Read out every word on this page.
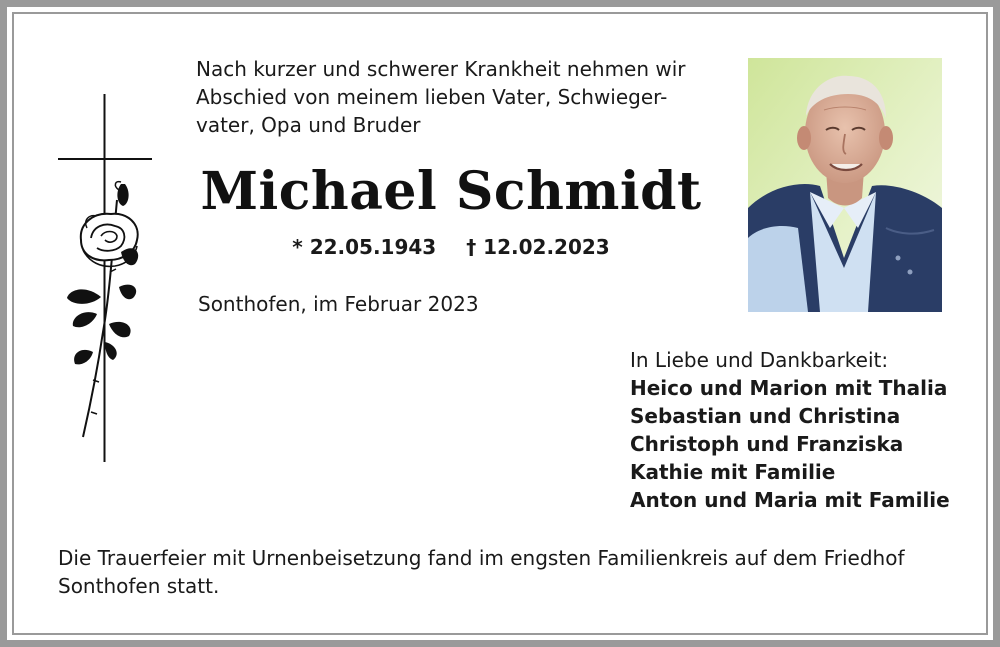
Nach kurzer und schwerer Krankheit nehmen wir
Abschied von meinem lieben Vater, Schwieger-
vater, Opa und Bruder
Michael Schmidt
* 22.05.1943 † 12.02.2023
Sonthofen, im Februar 2023
In Liebe und Dankbarkeit:
Heico und Marion mit Thalia
Sebastian und Christina
Christoph und Franziska
Kathie mit Familie
Anton und Maria mit Familie
Die Trauerfeier mit Urnenbeisetzung fand im engsten Familienkreis auf dem Friedhof
Sonthofen statt.
